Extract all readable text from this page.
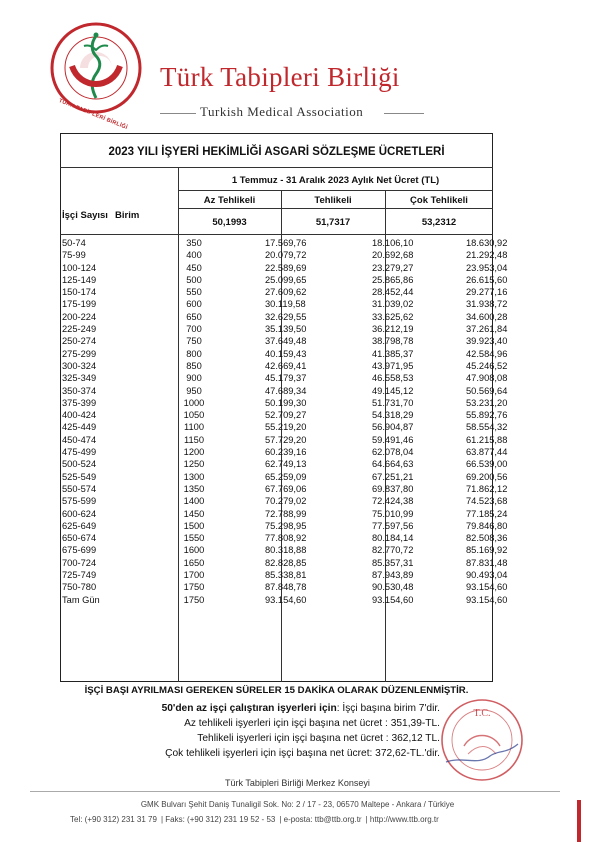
TÜRK TABİPLERİ BİRLİĞİ
Türk Tabipleri Birliği
Turkish Medical Association
2023 YILI İŞYERİ HEKİMLİĞİ ASGARİ SÖZLEŞME ÜCRETLERİ
1 Temmuz - 31 Aralık 2023 Aylık Net Ücret (TL)
İşçi Sayısı Birim
Az Tehlikeli	Tehlikeli	Çok Tehlikeli
50,1993	51,7317	53,2312
50-74	350	17.569,76	18.106,10	18.630,92
75-99	400	20.079,72	20.692,68	21.292,48
100-124	450	22.589,69	23.279,27	23.953,04
125-149	500	25.099,65	25.865,86	26.615,60
150-174	550	27.609,62	28.452,44	29.277,16
175-199	600	30.119,58	31.039,02	31.938,72
200-224	650	32.629,55	33.625,62	34.600,28
225-249	700	35.139,50	36.212,19	37.261,84
250-274	750	37.649,48	38.798,78	39.923,40
275-299	800	40.159,43	41.385,37	42.584,96
300-324	850	42.669,41	43.971,95	45.246,52
325-349	900	45.179,37	46.558,53	47.908,08
350-374	950	47.689,34	49.145,12	50.569,64
375-399	1000	50.199,30	51.731,70	53.231,20
400-424	1050	52.709,27	54.318,29	55.892,76
425-449	1100	55.219,20	56.904,87	58.554,32
450-474	1150	57.729,20	59.491,46	61.215,88
475-499	1200	60.239,16	62.078,04	63.877,44
500-524	1250	62.749,13	64.664,63	66.539,00
525-549	1300	65.259,09	67.251,21	69.200,56
550-574	1350	67.769,06	69.837,80	71.862,12
575-599	1400	70.279,02	72.424,38	74.523,68
600-624	1450	72.788,99	75.010,99	77.185,24
625-649	1500	75.298,95	77.597,56	79.846,80
650-674	1550	77.808,92	80.184,14	82.508,36
675-699	1600	80.318,88	82.770,72	85.169,92
700-724	1650	82.828,85	85.357,31	87.831,48
725-749	1700	85.338,81	87.943,89	90.493,04
750-780	1750	87.848,78	90.530,48	93.154,60
Tam Gün	1750	93.154,60	93.154,60	93.154,60
İŞÇİ BAŞI AYRILMASI GEREKEN SÜRELER 15 DAKİKA OLARAK DÜZENLENMİŞTİR.
50'den az işçi çalıştıran işyerleri için: İşçi başına birim 7'dir.
Az tehlikeli işyerleri için işçi başına net ücret : 351,39-TL.
Tehlikeli işyerleri için işçi başına net ücret : 362,12 TL.
Çok tehlikeli işyerleri için işçi başına net ücret: 372,62-TL.'dir.
T.C.
Türk Tabipleri Birliği Merkez Konseyi
GMK Bulvarı Şehit Daniş Tunaligil Sok. No: 2 / 17 - 23, 06570 Maltepe - Ankara / Türkiye
Tel: (+90 312) 231 31 79 | Faks: (+90 312) 231 19 52 - 53 | e-posta: ttb@ttb.org.tr | http://www.ttb.org.tr
